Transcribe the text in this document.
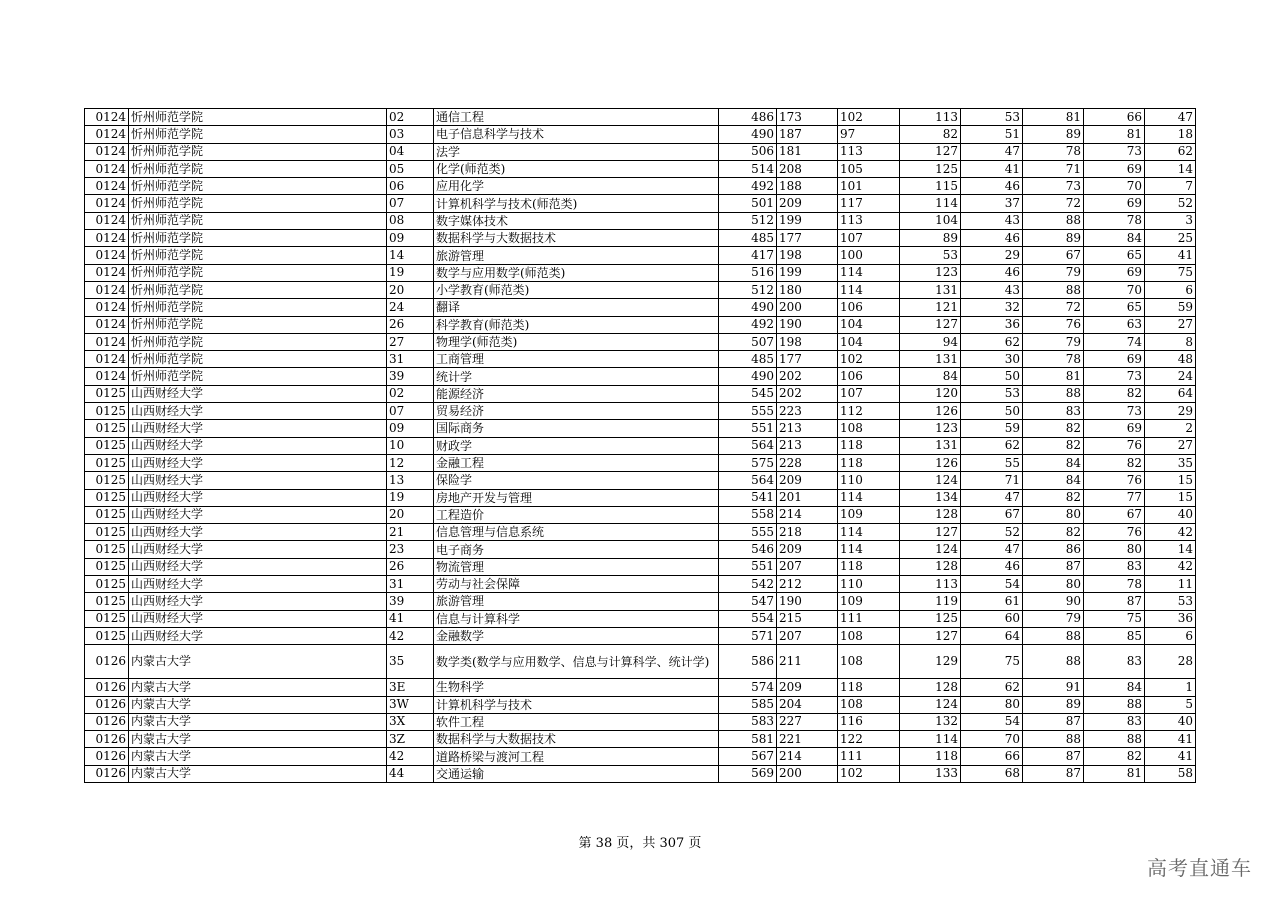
0124	忻州师范学院	02	通信工程	486	173	102	113	53	81	66	47
0124	忻州师范学院	03	电子信息科学与技术	490	187	97	82	51	89	81	18
0124	忻州师范学院	04	法学	506	181	113	127	47	78	73	62
0124	忻州师范学院	05	化学(师范类)	514	208	105	125	41	71	69	14
0124	忻州师范学院	06	应用化学	492	188	101	115	46	73	70	7
0124	忻州师范学院	07	计算机科学与技术(师范类)	501	209	117	114	37	72	69	52
0124	忻州师范学院	08	数字媒体技术	512	199	113	104	43	88	78	3
0124	忻州师范学院	09	数据科学与大数据技术	485	177	107	89	46	89	84	25
0124	忻州师范学院	14	旅游管理	417	198	100	53	29	67	65	41
0124	忻州师范学院	19	数学与应用数学(师范类)	516	199	114	123	46	79	69	75
0124	忻州师范学院	20	小学教育(师范类)	512	180	114	131	43	88	70	6
0124	忻州师范学院	24	翻译	490	200	106	121	32	72	65	59
0124	忻州师范学院	26	科学教育(师范类)	492	190	104	127	36	76	63	27
0124	忻州师范学院	27	物理学(师范类)	507	198	104	94	62	79	74	8
0124	忻州师范学院	31	工商管理	485	177	102	131	30	78	69	48
0124	忻州师范学院	39	统计学	490	202	106	84	50	81	73	24
0125	山西财经大学	02	能源经济	545	202	107	120	53	88	82	64
0125	山西财经大学	07	贸易经济	555	223	112	126	50	83	73	29
0125	山西财经大学	09	国际商务	551	213	108	123	59	82	69	2
0125	山西财经大学	10	财政学	564	213	118	131	62	82	76	27
0125	山西财经大学	12	金融工程	575	228	118	126	55	84	82	35
0125	山西财经大学	13	保险学	564	209	110	124	71	84	76	15
0125	山西财经大学	19	房地产开发与管理	541	201	114	134	47	82	77	15
0125	山西财经大学	20	工程造价	558	214	109	128	67	80	67	40
0125	山西财经大学	21	信息管理与信息系统	555	218	114	127	52	82	76	42
0125	山西财经大学	23	电子商务	546	209	114	124	47	86	80	14
0125	山西财经大学	26	物流管理	551	207	118	128	46	87	83	42
0125	山西财经大学	31	劳动与社会保障	542	212	110	113	54	80	78	11
0125	山西财经大学	39	旅游管理	547	190	109	119	61	90	87	53
0125	山西财经大学	41	信息与计算科学	554	215	111	125	60	79	75	36
0125	山西财经大学	42	金融数学	571	207	108	127	64	88	85	6
0126	内蒙古大学	35	数学类(数学与应用数学、信息与计算科学、统计学)	586	211	108	129	75	88	83	28
0126	内蒙古大学	3E	生物科学	574	209	118	128	62	91	84	1
0126	内蒙古大学	3W	计算机科学与技术	585	204	108	124	80	89	88	5
0126	内蒙古大学	3X	软件工程	583	227	116	132	54	87	83	40
0126	内蒙古大学	3Z	数据科学与大数据技术	581	221	122	114	70	88	88	41
0126	内蒙古大学	42	道路桥梁与渡河工程	567	214	111	118	66	87	82	41
0126	内蒙古大学	44	交通运输	569	200	102	133	68	87	81	58
第 38 页，共 307 页
高考直通车
